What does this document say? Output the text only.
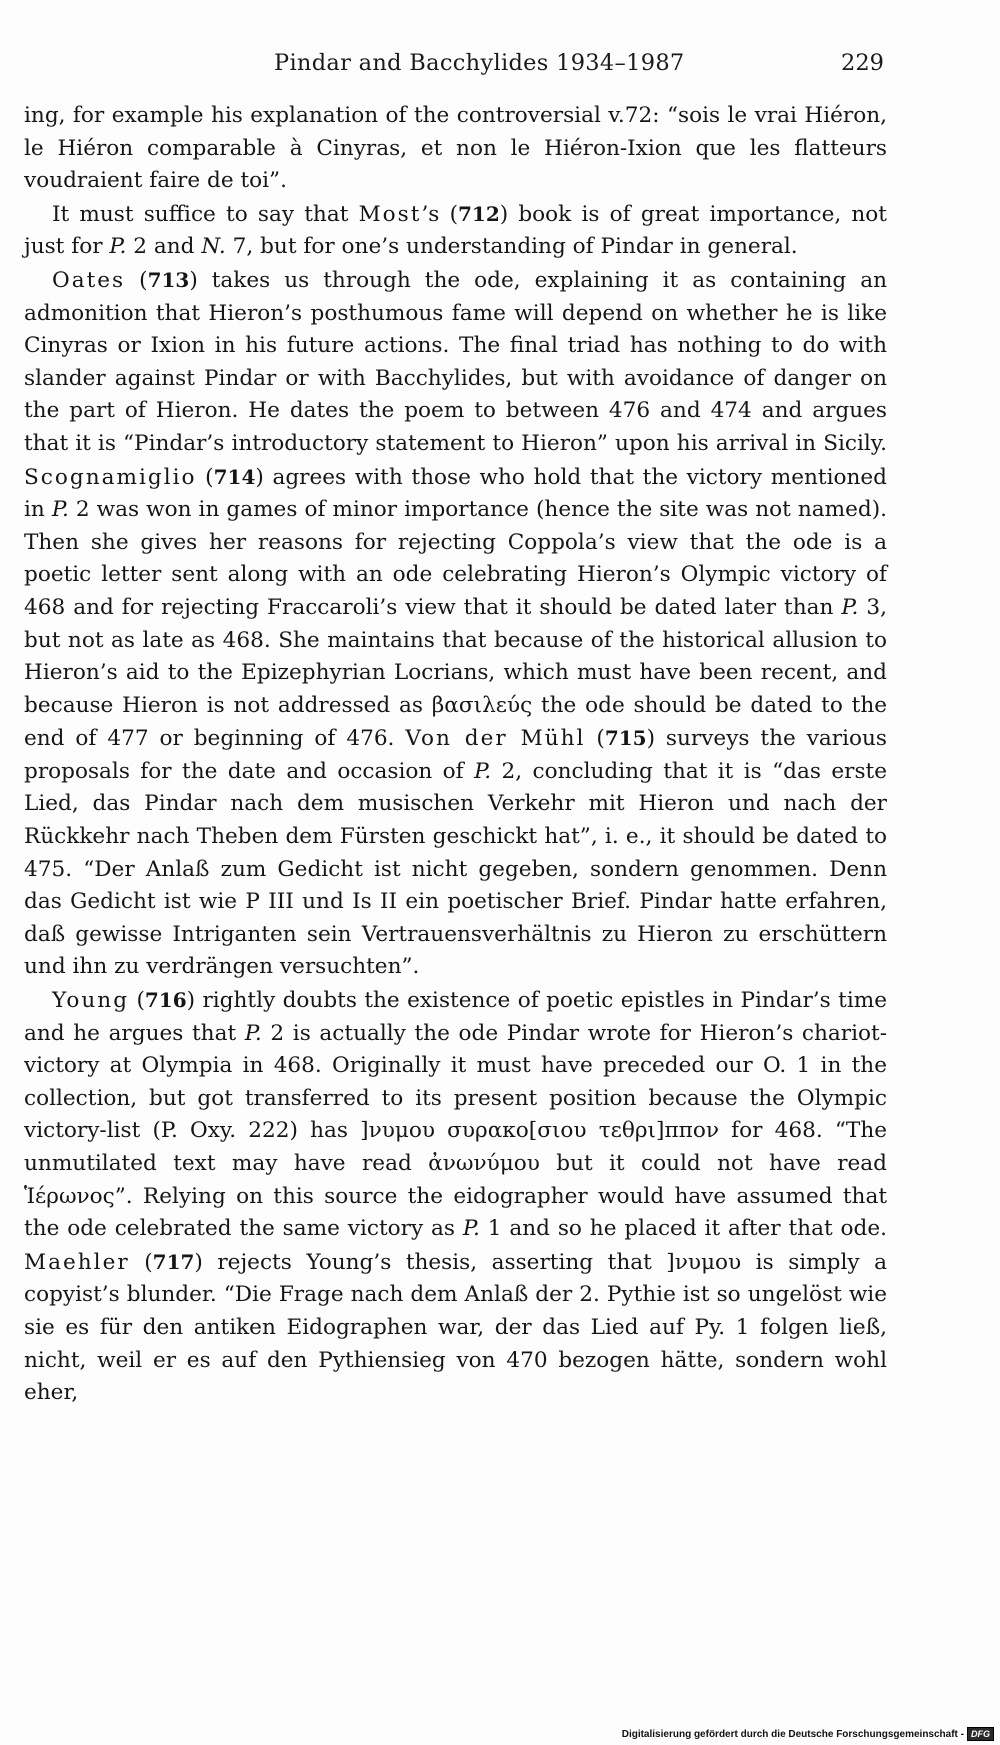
Pindar and Bacchylides 1934–1987	229

ing, for example his explanation of the controversial v.72: “sois le vrai Hiéron, le Hiéron comparable à Cinyras, et non le Hiéron-Ixion que les flatteurs voudraient faire de toi”.

It must suffice to say that Most’s (712) book is of great importance, not just for P. 2 and N. 7, but for one’s understanding of Pindar in general.

Oates (713) takes us through the ode, explaining it as containing an admonition that Hieron’s posthumous fame will depend on whether he is like Cinyras or Ixion in his future actions. The final triad has nothing to do with slander against Pindar or with Bacchylides, but with avoidance of danger on the part of Hieron. He dates the poem to between 476 and 474 and argues that it is “Pindar’s introductory statement to Hieron” upon his arrival in Sicily. Scognamiglio (714) agrees with those who hold that the victory mentioned in P. 2 was won in games of minor importance (hence the site was not named). Then she gives her reasons for rejecting Coppola’s view that the ode is a poetic letter sent along with an ode celebrating Hieron’s Olympic victory of 468 and for rejecting Fraccaroli’s view that it should be dated later than P. 3, but not as late as 468. She maintains that because of the historical allusion to Hieron’s aid to the Epizephyrian Locrians, which must have been recent, and because Hieron is not addressed as βασιλεύς the ode should be dated to the end of 477 or beginning of 476. Von der Mühl (715) surveys the various proposals for the date and occasion of P. 2, concluding that it is “das erste Lied, das Pindar nach dem musischen Verkehr mit Hieron und nach der Rückkehr nach Theben dem Fürsten geschickt hat”, i. e., it should be dated to 475. “Der Anlaß zum Gedicht ist nicht gegeben, sondern genommen. Denn das Gedicht ist wie P III und Is II ein poetischer Brief. Pindar hatte erfahren, daß gewisse Intriganten sein Vertrauensverhältnis zu Hieron zu erschüttern und ihn zu verdrängen versuchten”.

Young (716) rightly doubts the existence of poetic epistles in Pindar’s time and he argues that P. 2 is actually the ode Pindar wrote for Hieron’s chariot-victory at Olympia in 468. Originally it must have preceded our O. 1 in the collection, but got transferred to its present position because the Olympic victory-list (P. Oxy. 222) has ]νυμου συρακο[σιου τεθρι]ππον for 468. “The unmutilated text may have read ἀνωνύμου but it could not have read Ἱέρωνος”. Relying on this source the eidographer would have assumed that the ode celebrated the same victory as P. 1 and so he placed it after that ode. Maehler (717) rejects Young’s thesis, asserting that ]νυμου is simply a copyist’s blunder. “Die Frage nach dem Anlaß der 2. Pythie ist so ungelöst wie sie es für den antiken Eidographen war, der das Lied auf Py. 1 folgen ließ, nicht, weil er es auf den Pythiensieg von 470 bezogen hätte, sondern wohl eher,

Digitalisierung gefördert durch die Deutsche Forschungsgemeinschaft - DFG
